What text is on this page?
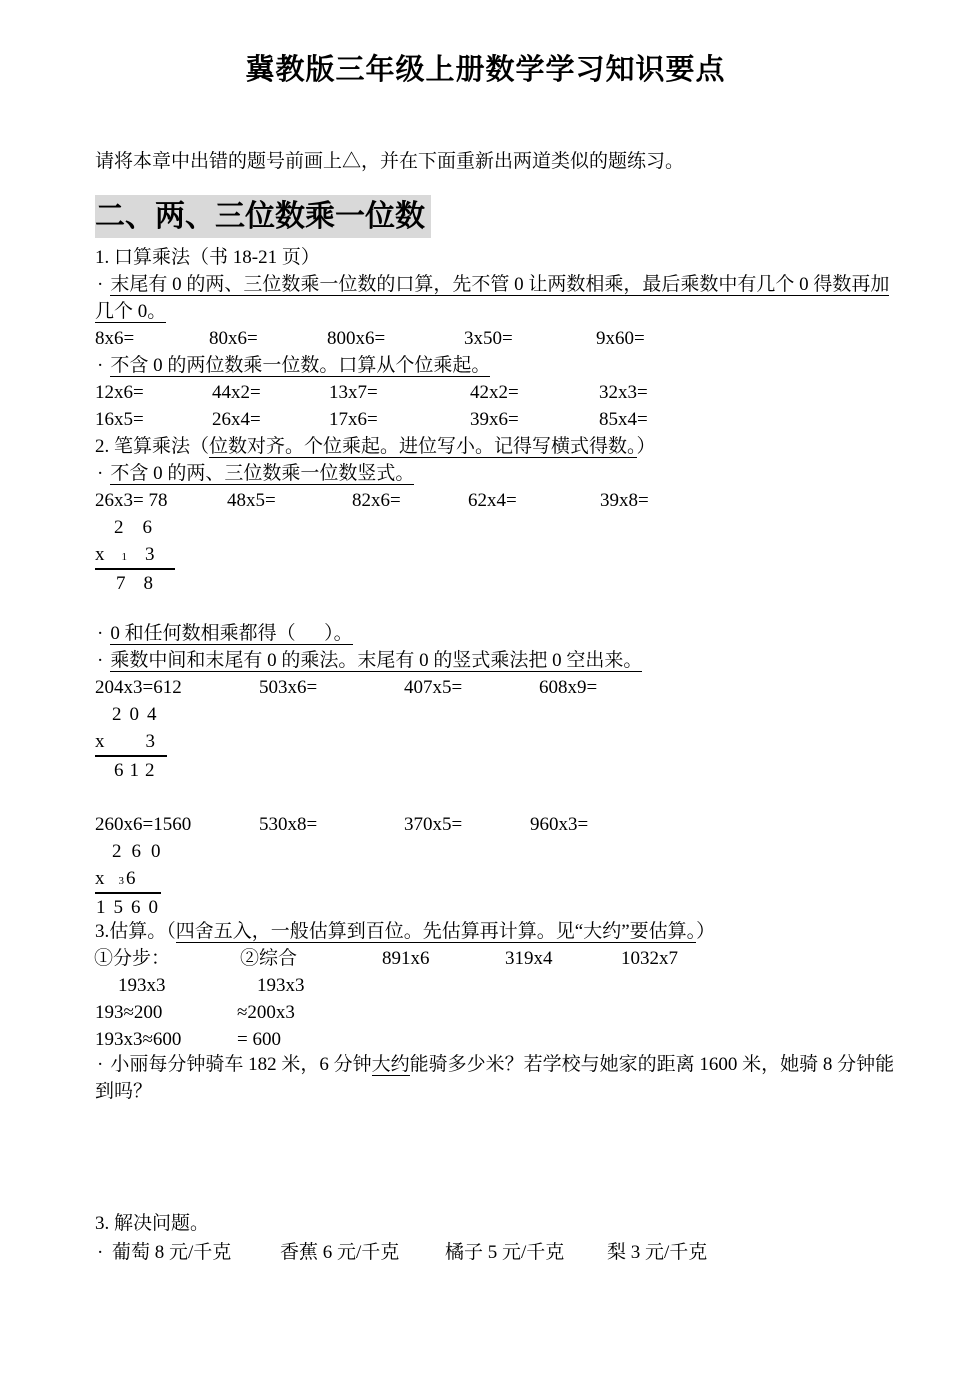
冀教版三年级上册数学学习知识要点
请将本章中出错的题号前画上△，并在下面重新出两道类似的题练习。
二、两、三位数乘一位数
1. 口算乘法（书 18-21 页）
· 末尾有 0 的两、三位数乘一位数的口算，先不管 0 让两数相乘，最后乘数中有几个 0 得数再加
几个 0。

8x6=

	80x6=

	800x6=

	3x50=

	9x60=

· 不含 0 的两位数乘一位数。口算从个位乘起。

12x6=

	44x2=

	13x7=

	42x2=

	32x3=

16x5=

	26x4=

	17x6=

	39x6=

	85x4=

2. 笔算乘法（位数对齐。个位乘起。进位写小。记得写横式得数。）
· 不含 0 的两、三位数乘一位数竖式。

26x3= 78

	48x5=

	82x6=

	62x4=

	39x8=

26
x 1 3
78
· 0 和任何数相乘都得（      ）。
· 乘数中间和末尾有 0 的乘法。末尾有 0 的竖式乘法把 0 空出来。

204x3=612

	503x6=

	407x5=

	608x9=

204
x 3
612

260x6=1560

	530x8=

	370x5=

	960x3=

260
x 3 6
1560
3.估算。（四舍五入，一般估算到百位。先估算再计算。见“大约”要估算。）

①分步：

	②综合

	891x6

	319x4

	1032x7

193x3

	193x3

193≈200

	≈200x3

193x3≈600

	= 600

· 小丽每分钟骑车 182 米，6 分钟大约能骑多少米？若学校与她家的距离 1600 米，她骑 8 分钟能
到吗？
3. 解决问题。

·

葡萄 8 元/千克

	香蕉 6 元/千克

橘子 5 元/千克

梨 3 元/千克
